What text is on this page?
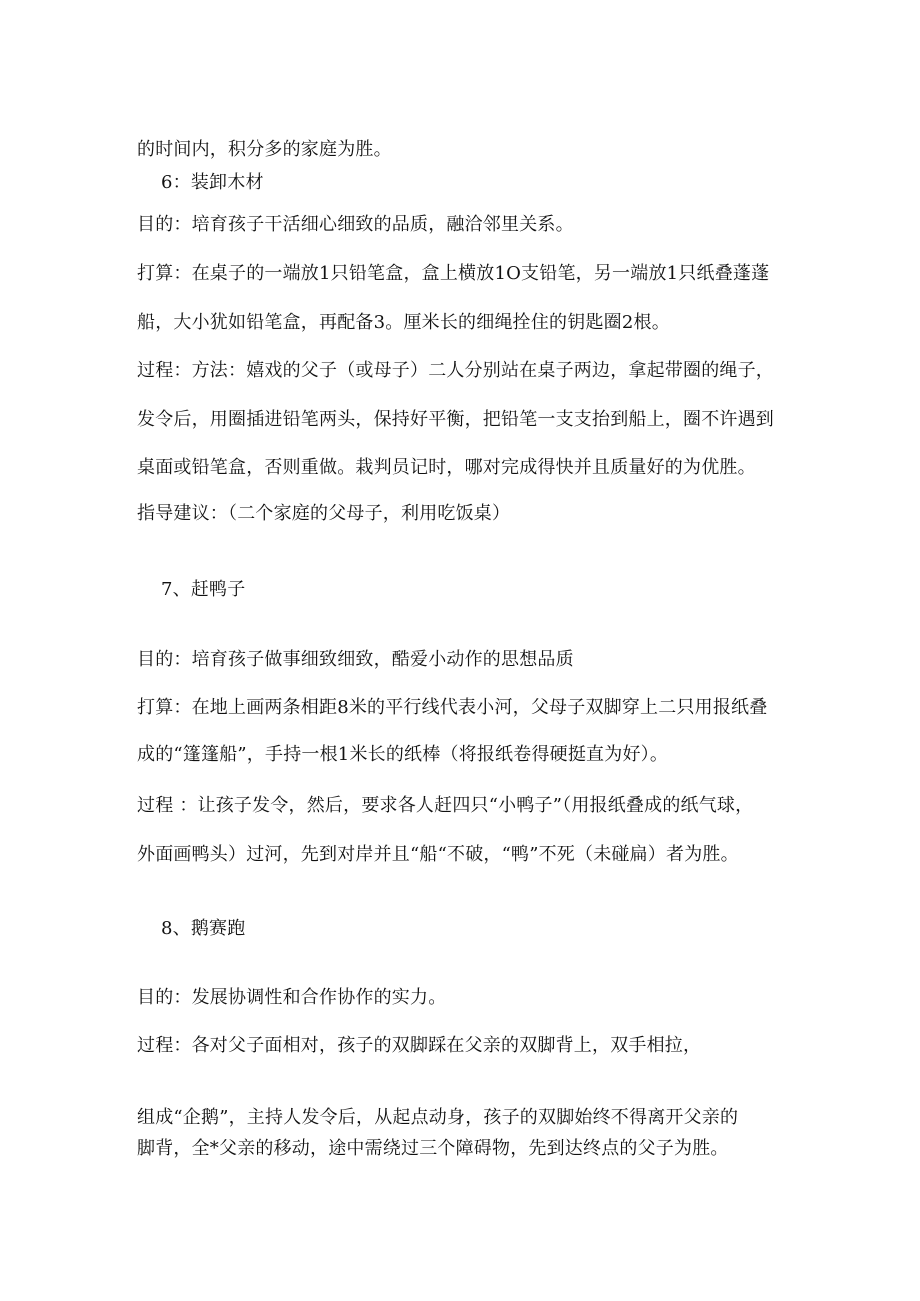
的时间内，积分多的家庭为胜。
6：装卸木材
目的：培育孩子干活细心细致的品质，融洽邻里关系。
打算：在桌子的一端放1只铅笔盒，盒上横放1O支铅笔，另一端放1只纸叠蓬蓬
船，大小犹如铅笔盒，再配备3。厘米长的细绳拴住的钥匙圈2根。
过程：方法：嬉戏的父子（或母子）二人分别站在桌子两边，拿起带圈的绳子，
发令后，用圈插进铅笔两头，保持好平衡，把铅笔一支支抬到船上，圈不许遇到
桌面或铅笔盒，否则重做。栽判员记时，哪对完成得快并且质量好的为优胜。
指导建议：（二个家庭的父母子，利用吃饭桌）
7、赶鸭子
目的：培育孩子做事细致细致，酷爱小动作的思想品质
打算：在地上画两条相距8米的平行线代表小河，父母子双脚穿上二只用报纸叠
成的“篷篷船”，手持一根1米长的纸棒（将报纸卷得硬挺直为好）。
过程 ：让孩子发令，然后，要求各人赶四只“小鸭子”（用报纸叠成的纸气球，
外面画鸭头）过河，先到对岸并且“船“不破，“鸭”不死（未碰扁）者为胜。
8、鹅赛跑
目的：发展协调性和合作协作的实力。
过程：各对父子面相对，孩子的双脚踩在父亲的双脚背上，双手相拉，
组成“企鹅”，主持人发令后，从起点动身，孩子的双脚始终不得离开父亲的
脚背，全*父亲的移动，途中需绕过三个障碍物，先到达终点的父子为胜。
